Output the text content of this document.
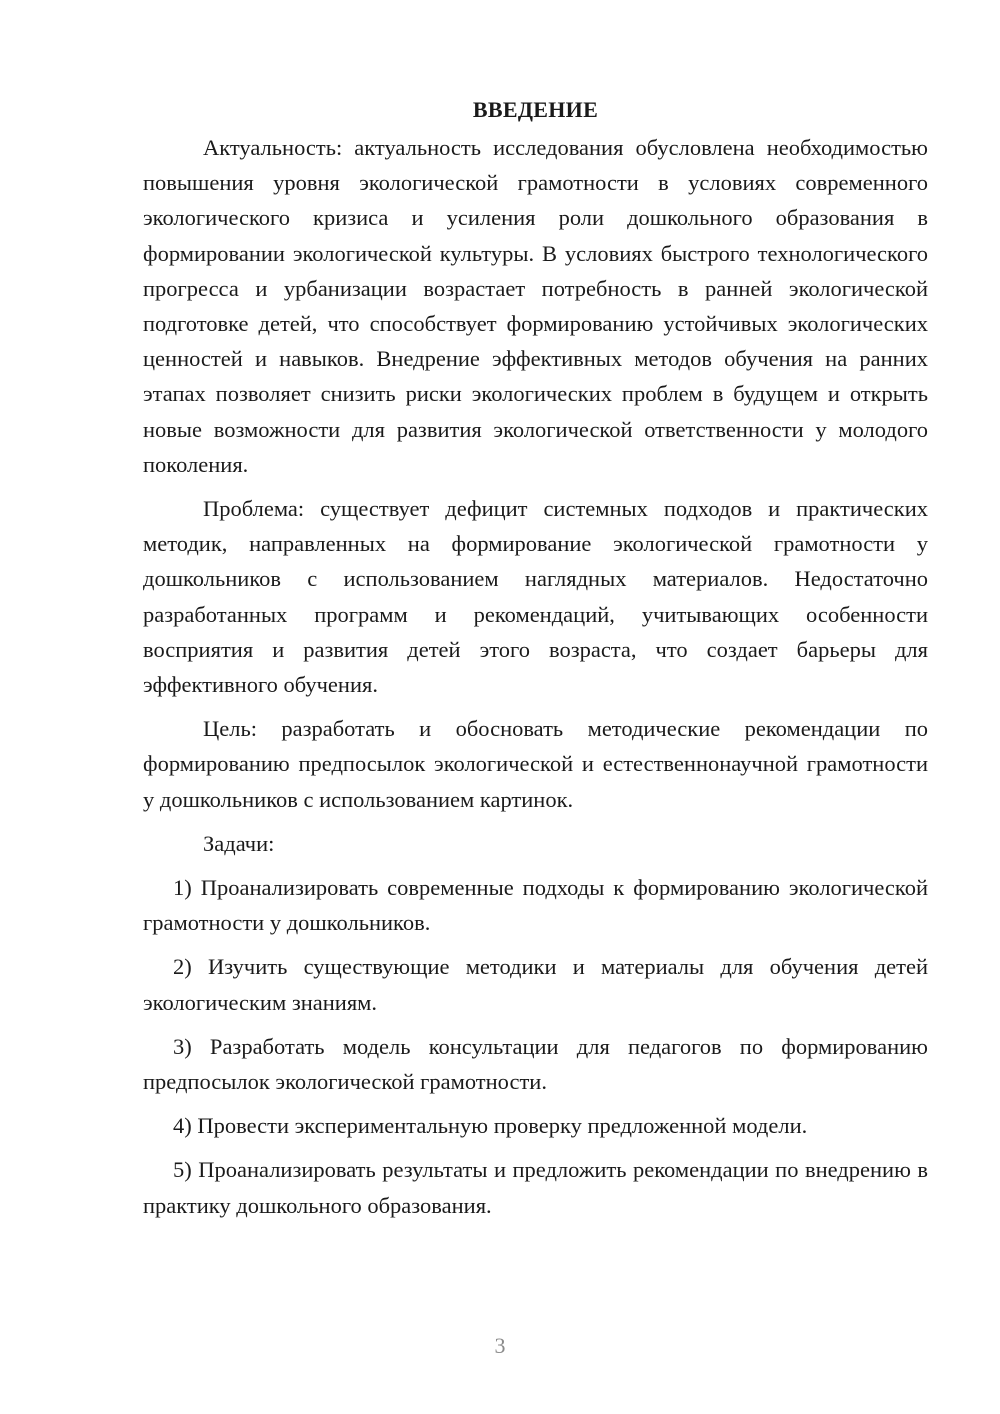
ВВЕДЕНИЕ

Актуальность: актуальность исследования обусловлена необходимостью повышения уровня экологической грамотности в условиях современного экологического кризиса и усиления роли дошкольного образования в формировании экологической культуры. В условиях быстрого технологического прогресса и урбанизации возрастает потребность в ранней экологической подготовке детей, что способствует формированию устойчивых экологических ценностей и навыков. Внедрение эффективных методов обучения на ранних этапах позволяет снизить риски экологических проблем в будущем и открыть новые возможности для развития экологической ответственности у молодого поколения.

Проблема: существует дефицит системных подходов и практических методик, направленных на формирование экологической грамотности у дошкольников с использованием наглядных материалов. Недостаточно разработанных программ и рекомендаций, учитывающих особенности восприятия и развития детей этого возраста, что создает барьеры для эффективного обучения.

Цель: разработать и обосновать методические рекомендации по формированию предпосылок экологической и естественнонаучной грамотности у дошкольников с использованием картинок.

Задачи:

1) Проанализировать современные подходы к формированию экологической грамотности у дошкольников.

2) Изучить существующие методики и материалы для обучения детей экологическим знаниям.

3) Разработать модель консультации для педагогов по формированию предпосылок экологической грамотности.

4) Провести экспериментальную проверку предложенной модели.

5) Проанализировать результаты и предложить рекомендации по внедрению в практику дошкольного образования.

3
